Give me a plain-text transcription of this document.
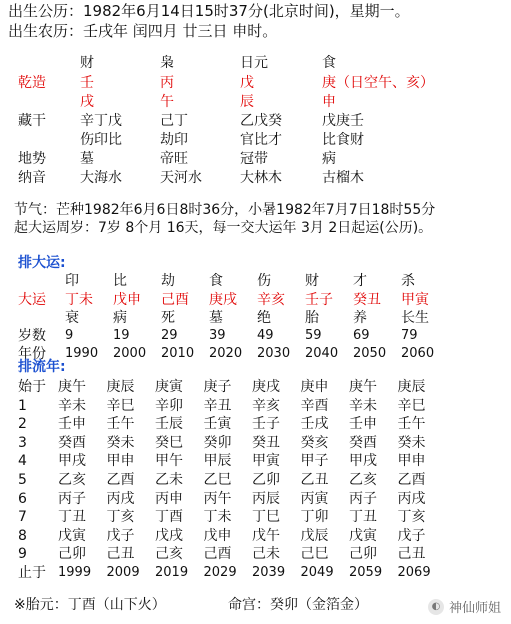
出生公历：1982年6月14日15时37分(北京时间)，星期一。
出生农历：壬戌年 闰四月 廿三日 申时。
财
壬
戌
辛丁戊
伤印比
墓
大海水
枭
丙
午
己丁
劫印
帝旺
天河水
日元
戊
辰
乙戊癸
官比才
冠带
大林木
食
庚（日空午、亥）
申
戊庚壬
比食财
病
古榴木
乾造
藏干
地势
纳音
节气：芒种1982年6月6日8时36分，小暑1982年7月7日18时55分
起大运周岁：7岁 8个月 16天，每一交大运年 3月 2日起运(公历)。
排大运:
印
丁未
衰
9
1990
比
戊申
病
19
2000
劫
己酉
死
29
2010
食
庚戌
墓
39
2020
伤
辛亥
绝
49
2030
财
壬子
胎
59
2040
才
癸丑
养
69
2050
杀
甲寅
长生
79
2060
大运
岁数
年份
排流年:
始于
1
2
3
4
5
6
7
8
9
止于
庚午
辛未
壬申
癸酉
甲戌
乙亥
丙子
丁丑
戊寅
己卯
1999
庚辰
辛巳
壬午
癸未
甲申
乙酉
丙戌
丁亥
戊子
己丑
2009
庚寅
辛卯
壬辰
癸巳
甲午
乙未
丙申
丁酉
戊戌
己亥
2019
庚子
辛丑
壬寅
癸卯
甲辰
乙巳
丙午
丁未
戊申
己酉
2029
庚戌
辛亥
壬子
癸丑
甲寅
乙卯
丙辰
丁巳
戊午
己未
2039
庚申
辛酉
壬戌
癸亥
甲子
乙丑
丙寅
丁卯
戊辰
己巳
2049
庚午
辛未
壬申
癸酉
甲戌
乙亥
丙子
丁丑
戊寅
己卯
2059
庚辰
辛巳
壬午
癸未
甲申
乙酉
丙戌
丁亥
戊子
己丑
2069
※胎元：丁酉（山下火）	命宫：癸卯（金箔金）	◐ 神仙师姐
